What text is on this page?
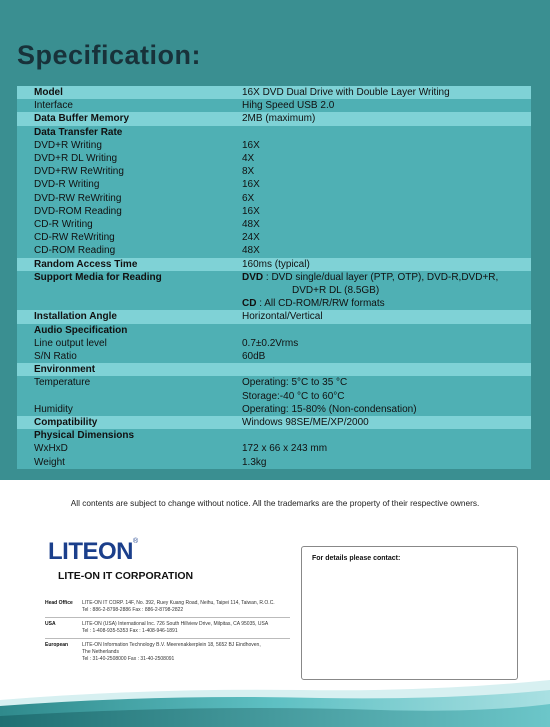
Specification:
Model	16X DVD Dual Drive with Double Layer Writing
Interface	Hihg Speed USB 2.0
Data Buffer Memory	2MB (maximum)
Data Transfer Rate
DVD+R Writing	16X
DVD+R DL Writing	4X
DVD+RW ReWriting	8X
DVD-R Writing	16X
DVD-RW ReWriting	6X
DVD-ROM Reading	16X
CD-R Writing	48X
CD-RW ReWriting	24X
CD-ROM Reading	48X
Random Access Time	160ms (typical)
Support Media for Reading	DVD : DVD single/dual layer (PTP, OTP), DVD-R,DVD+R,
DVD+R DL (8.5GB)
CD : All CD-ROM/R/RW formats
Installation Angle	Horizontal/Vertical
Audio Specification
Line output level	0.7±0.2Vrms
S/N Ratio	60dB
Environment
Temperature	Operating: 5°C to 35 °C
Storage:-40 °C to 60°C
Humidity	Operating: 15-80% (Non-condensation)
Compatibility	Windows 98SE/ME/XP/2000
Physical Dimensions
WxHxD	172 x 66 x 243 mm
Weight	1.3kg
All contents are subject to change without notice. All the trademarks are the property of their respective owners.
LITEON®
LITE-ON IT CORPORATION
Head Office	LITE-ON IT CORP. 14F, No. 392, Ruey Kuang Road, Neihu, Taipei 114, Taiwan, R.O.C.
Tel : 886-2-8798-2886 Fax : 886-2-8798-2822
USA	LITE-ON (USA) International Inc. 726 South Hillview Drive, Milpitas, CA 95035, USA
Tel : 1-408-935-5353 Fax : 1-408-946-1891
European	LITE-ON Information Technology B.V. Meerenakkerplein 18, 5652 BJ Eindhoven,
The Netherlands
Tel : 31-40-2508000 Fax : 31-40-2508091
For details please contact:
